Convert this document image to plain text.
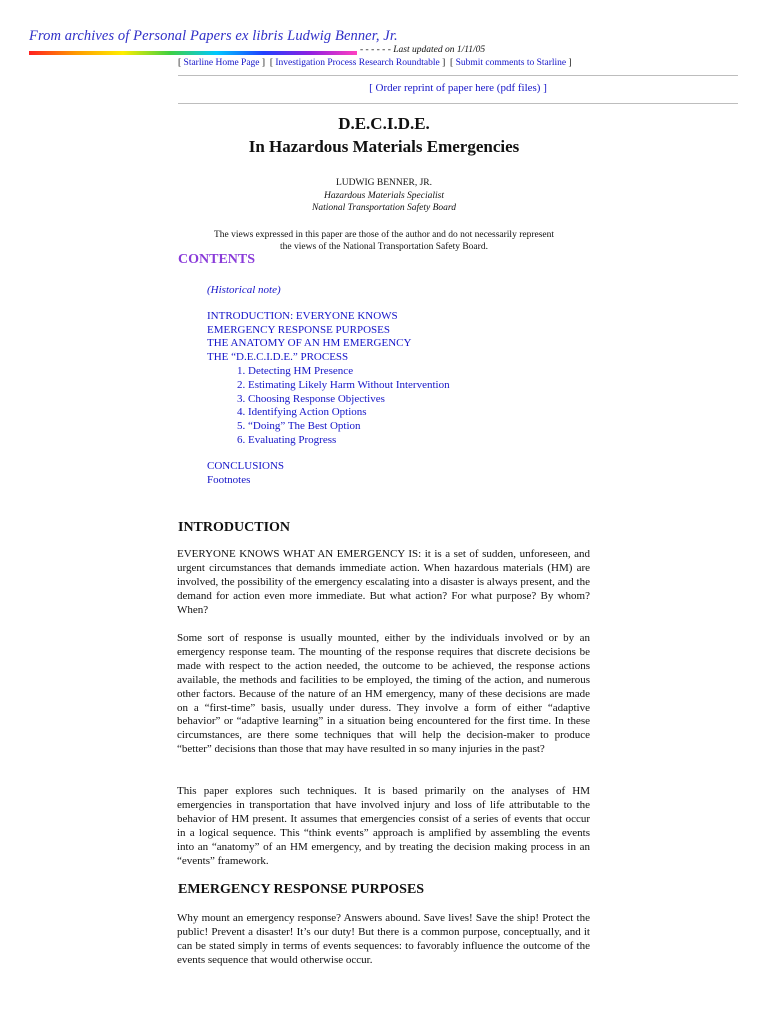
From archives of Personal Papers ex libris Ludwig Benner, Jr.
- - - - - - Last updated on 1/11/05
[ Starline Home Page ]  [ Investigation Process Research Roundtable ]  [ Submit comments to Starline ]
[ Order reprint of paper here (pdf files) ]
D.E.C.I.D.E.
In Hazardous Materials Emergencies
LUDWIG BENNER, JR.
Hazardous Materials Specialist
National Transportation Safety Board
The views expressed in this paper are those of the author and do not necessarily represent
the views of the National Transportation Safety Board.
CONTENTS
(Historical note)
INTRODUCTION: EVERYONE KNOWS
EMERGENCY RESPONSE PURPOSES
THE ANATOMY OF AN HM EMERGENCY
THE “D.E.C.I.D.E.” PROCESS
1. Detecting HM Presence
2. Estimating Likely Harm Without Intervention
3. Choosing Response Objectives
4. Identifying Action Options
5. “Doing” The Best Option
6. Evaluating Progress
CONCLUSIONS
Footnotes
INTRODUCTION
EVERYONE KNOWS WHAT AN EMERGENCY IS: it is a set of sudden, unforeseen, and urgent circumstances that demands immediate action. When hazardous materials (HM) are involved, the possibility of the emergency escalating into a disaster is always present, and the demand for action even more immediate. But what action? For what purpose? By whom? When?
Some sort of response is usually mounted, either by the individuals involved or by an emergency response team. The mounting of the response requires that discrete decisions be made with respect to the action needed, the outcome to be achieved, the response actions available, the methods and facilities to be employed, the timing of the action, and numerous other factors. Because of the nature of an HM emergency, many of these decisions are made on a “first-time” basis, usually under duress. They involve a form of either “adaptive behavior” or “adaptive learning” in a situation being encountered for the first time. In these circumstances, are there some techniques that will help the decision-maker to produce “better” decisions than those that may have resulted in so many injuries in the past?
This paper explores such techniques. It is based primarily on the analyses of HM emergencies in transportation that have involved injury and loss of life attributable to the behavior of HM present. It assumes that emergencies consist of a series of events that occur in a logical sequence. This “think events” approach is amplified by assembling the events into an “anatomy” of an HM emergency, and by treating the decision making process in an “events” framework.
EMERGENCY RESPONSE PURPOSES
Why mount an emergency response? Answers abound. Save lives! Save the ship! Protect the public! Prevent a disaster! It’s our duty! But there is a common purpose, conceptually, and it can be stated simply in terms of events sequences: to favorably influence the outcome of the events sequence that would otherwise occur.
